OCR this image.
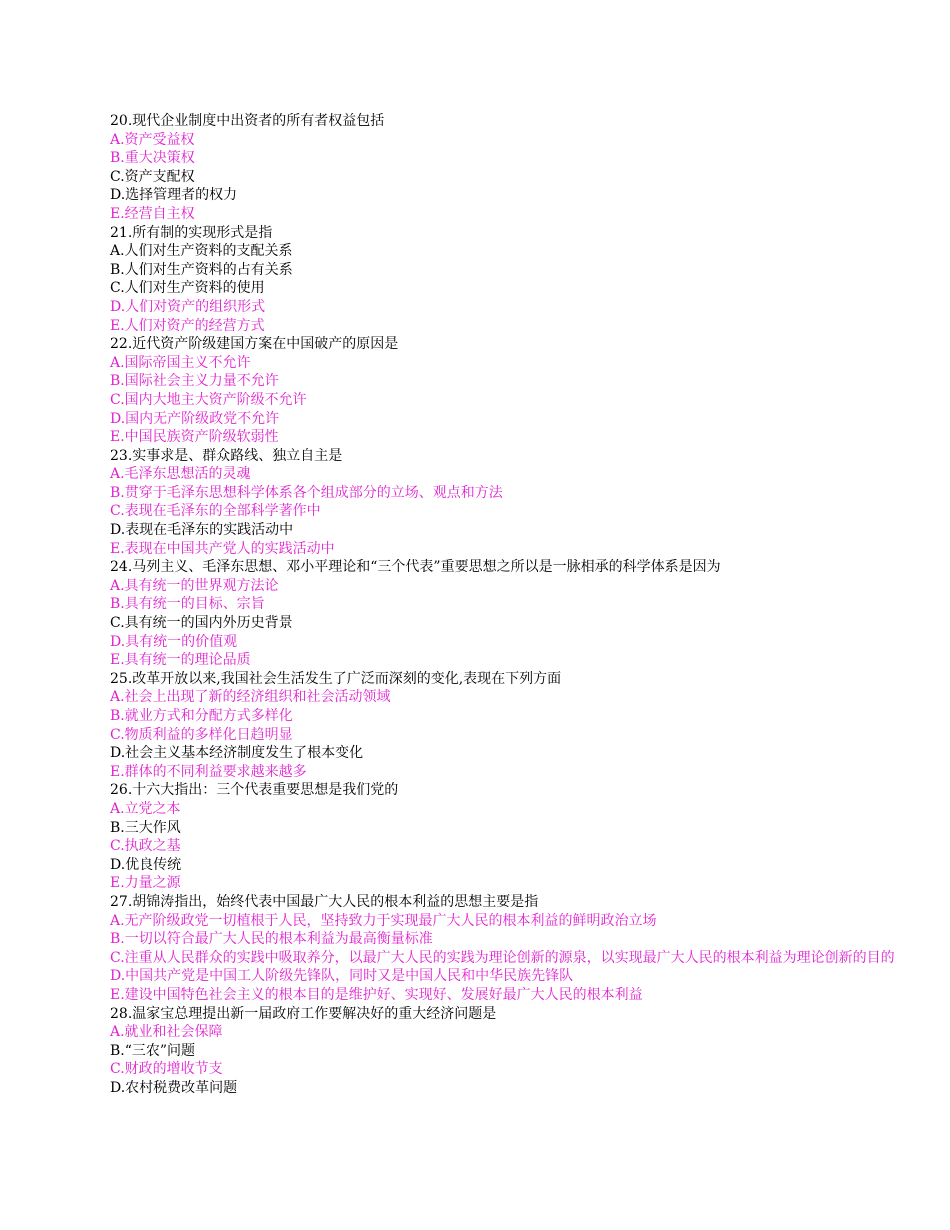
20.现代企业制度中出资者的所有者权益包括
A.资产受益权
B.重大决策权
C.资产支配权
D.选择管理者的权力
E.经营自主权
21.所有制的实现形式是指
A.人们对生产资料的支配关系
B.人们对生产资料的占有关系
C.人们对生产资料的使用
D.人们对资产的组织形式
E.人们对资产的经营方式
22.近代资产阶级建国方案在中国破产的原因是
A.国际帝国主义不允许
B.国际社会主义力量不允许
C.国内大地主大资产阶级不允许
D.国内无产阶级政党不允许
E.中国民族资产阶级软弱性
23.实事求是、群众路线、独立自主是
A.毛泽东思想活的灵魂
B.贯穿于毛泽东思想科学体系各个组成部分的立场、观点和方法
C.表现在毛泽东的全部科学著作中
D.表现在毛泽东的实践活动中
E.表现在中国共产党人的实践活动中
24.马列主义、毛泽东思想、邓小平理论和“三个代表”重要思想之所以是一脉相承的科学体系是因为
A.具有统一的世界观方法论
B.具有统一的目标、宗旨
C.具有统一的国内外历史背景
D.具有统一的价值观
E.具有统一的理论品质
25.改革开放以来,我国社会生活发生了广泛而深刻的变化,表现在下列方面
A.社会上出现了新的经济组织和社会活动领域
B.就业方式和分配方式多样化
C.物质利益的多样化日趋明显
D.社会主义基本经济制度发生了根本变化
E.群体的不同利益要求越来越多
26.十六大指出：三个代表重要思想是我们党的
A.立党之本
B.三大作风
C.执政之基
D.优良传统
E.力量之源
27.胡锦涛指出，始终代表中国最广大人民的根本利益的思想主要是指
A.无产阶级政党一切植根于人民，坚持致力于实现最广大人民的根本利益的鲜明政治立场
B.一切以符合最广大人民的根本利益为最高衡量标准
C.注重从人民群众的实践中吸取养分，以最广大人民的实践为理论创新的源泉，以实现最广大人民的根本利益为理论创新的目的
D.中国共产党是中国工人阶级先锋队，同时又是中国人民和中华民族先锋队
E.建设中国特色社会主义的根本目的是维护好、实现好、发展好最广大人民的根本利益
28.温家宝总理提出新一届政府工作要解决好的重大经济问题是
A.就业和社会保障
B.“三农”问题
C.财政的增收节支
D.农村税费改革问题
